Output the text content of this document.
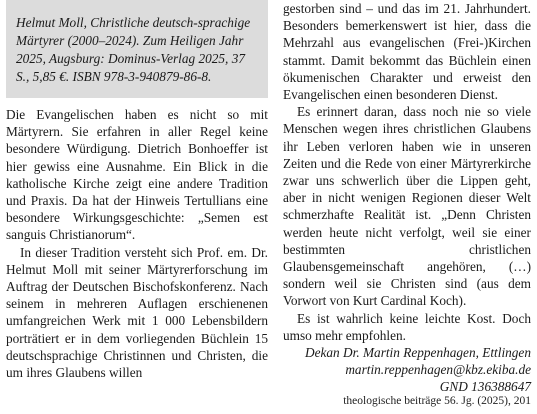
Helmut Moll, Christliche deutsch-sprachige Märtyrer (2000–2024). Zum Heiligen Jahr 2025, Augsburg: Dominus-Verlag 2025, 37 S., 5,85 €. ISBN 978-3-940879-86-8.

Die Evangelischen haben es nicht so mit Märtyrern. Sie erfahren in aller Regel keine besondere Würdigung. Dietrich Bonhoeffer ist hier gewiss eine Ausnahme. Ein Blick in die katholische Kirche zeigt eine andere Tradition und Praxis. Da hat der Hinweis Tertullians eine besondere Wirkungsgeschichte: „Semen est sanguis Christianorum“.

In dieser Tradition versteht sich Prof. em. Dr. Helmut Moll mit seiner Märtyrerforschung im Auftrag der Deutschen Bischofskonferenz. Nach seinem in mehreren Auflagen erschienenen umfangreichen Werk mit 1 000 Lebensbildern porträtiert er in dem vorliegenden Büchlein 15 deutschsprachige Christinnen und Christen, die um ihres Glaubens willen

gestorben sind – und das im 21. Jahrhundert. Besonders bemerkenswert ist hier, dass die Mehrzahl aus evangelischen (Frei-)Kirchen stammt. Damit bekommt das Büchlein einen ökumenischen Charakter und erweist den Evangelischen einen besonderen Dienst.

Es erinnert daran, dass noch nie so viele Menschen wegen ihres christlichen Glaubens ihr Leben verloren haben wie in unseren Zeiten und die Rede von einer Märtyrerkirche zwar uns schwerlich über die Lippen geht, aber in nicht wenigen Regionen dieser Welt schmerzhafte Realität ist. „Denn Christen werden heute nicht verfolgt, weil sie einer bestimmten christlichen Glaubensgemeinschaft angehören, (…) sondern weil sie Christen sind (aus dem Vorwort von Kurt Cardinal Koch).

Es ist wahrlich keine leichte Kost. Doch umso mehr empfohlen.

Dekan Dr. Martin Reppenhagen, Ettlingen

martin.reppenhagen@kbz.ekiba.de

GND 136388647

theologische beiträge 56. Jg. (2025), 201
